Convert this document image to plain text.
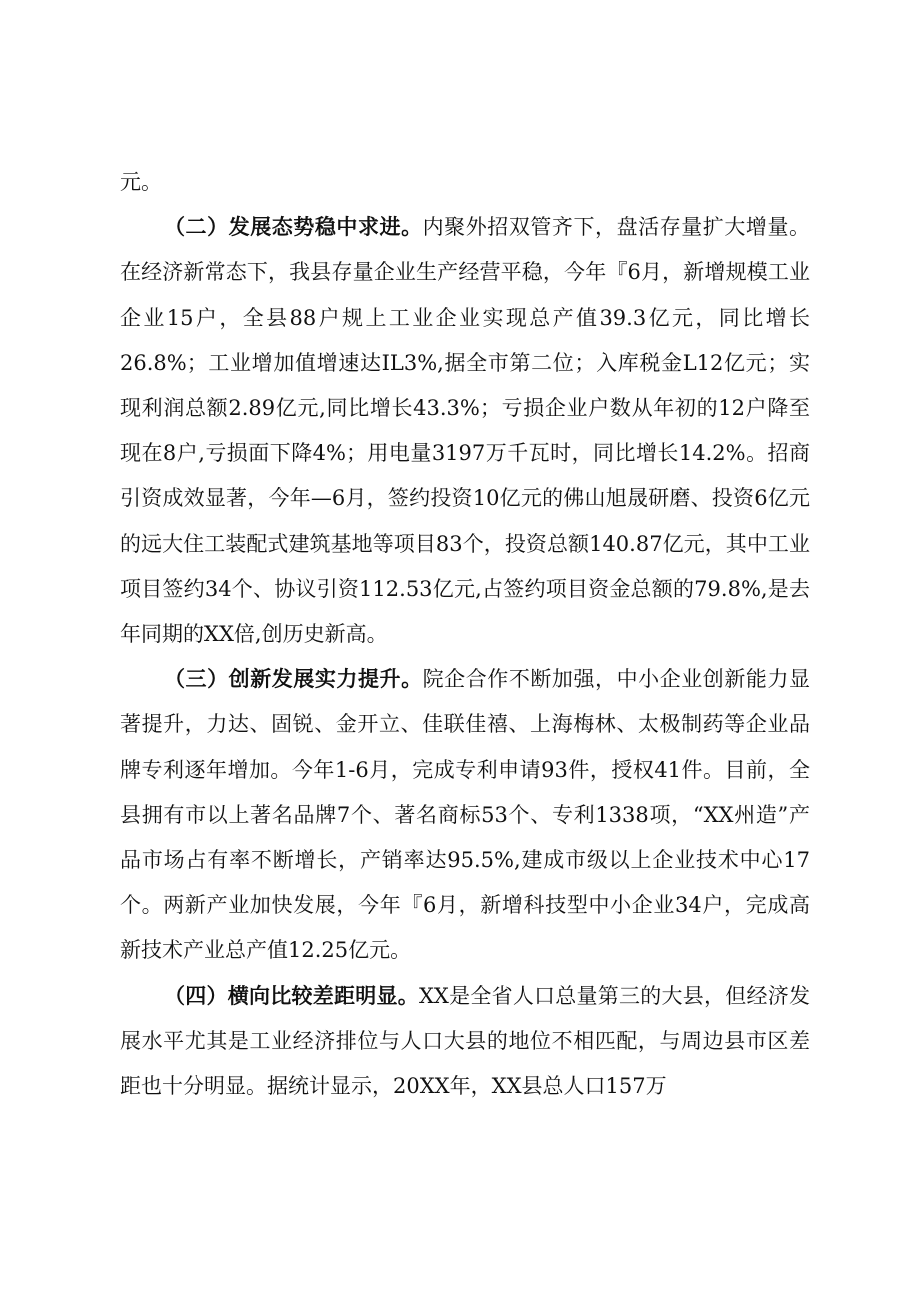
元。

（二）发展态势稳中求进。内聚外招双管齐下，盘活存量扩大增量。在经济新常态下，我县存量企业生产经营平稳，今年『6月，新增规模工业企业15户，全县88户规上工业企业实现总产值39.3亿元，同比增长26.8%；工业增加值增速达IL3%,据全市第二位；入库税金L12亿元；实现利润总额2.89亿元,同比增长43.3%；亏损企业户数从年初的12户降至现在8户,亏损面下降4%；用电量3197万千瓦时，同比增长14.2%。招商引资成效显著，今年—6月，签约投资10亿元的佛山旭晟研磨、投资6亿元的远大住工装配式建筑基地等项目83个，投资总额140.87亿元，其中工业项目签约34个、协议引资112.53亿元,占签约项目资金总额的79.8%,是去年同期的XX倍,创历史新高。

（三）创新发展实力提升。院企合作不断加强，中小企业创新能力显著提升，力达、固锐、金开立、佳联佳禧、上海梅林、太极制药等企业品牌专利逐年增加。今年1-6月，完成专利申请93件，授权41件。目前，全县拥有市以上著名品牌7个、著名商标53个、专利1338项，“XX州造”产品市场占有率不断增长，产销率达95.5%,建成市级以上企业技术中心17个。两新产业加快发展，今年『6月，新增科技型中小企业34户，完成高新技术产业总产值12.25亿元。

（四）横向比较差距明显。XX是全省人口总量第三的大县，但经济发展水平尤其是工业经济排位与人口大县的地位不相匹配，与周边县市区差距也十分明显。据统计显示，20XX年，XX县总人口157万
